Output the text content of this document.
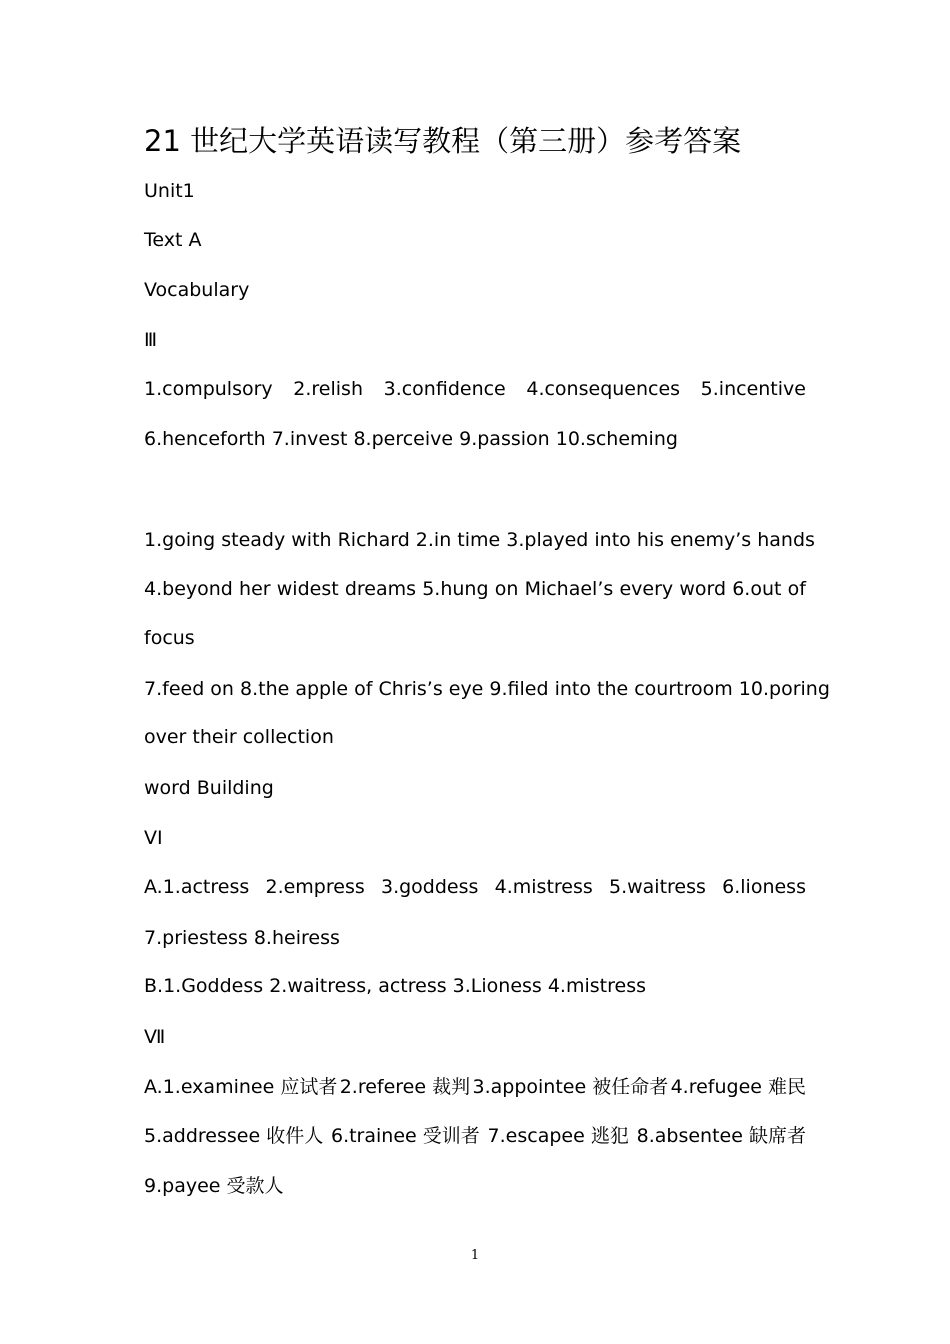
21 世纪大学英语读写教程（第三册）参考答案

Unit1

Text A

Vocabulary

Ⅲ

1.compulsory 2.relish 3.confidence 4.consequences 5.incentive

6.henceforth 7.invest 8.perceive 9.passion 10.scheming

1.going steady with Richard 2.in time 3.played into his enemy’s hands

4.beyond her widest dreams 5.hung on Michael’s every word 6.out of

focus

7.feed on 8.the apple of Chris’s eye 9.filed into the courtroom 10.poring

over their collection

word Building

VI

A.1.actress 2.empress 3.goddess 4.mistress 5.waitress 6.lioness

7.priestess 8.heiress

B.1.Goddess 2.waitress, actress 3.Lioness 4.mistress

Ⅶ

A.1.examinee 应试者 2.referee 裁判 3.appointee 被任命者 4.refugee 难民
5.addressee 收件人 6.trainee 受训者 7.escapee 逃犯 8.absentee 缺席者

9.payee 受款人

1
